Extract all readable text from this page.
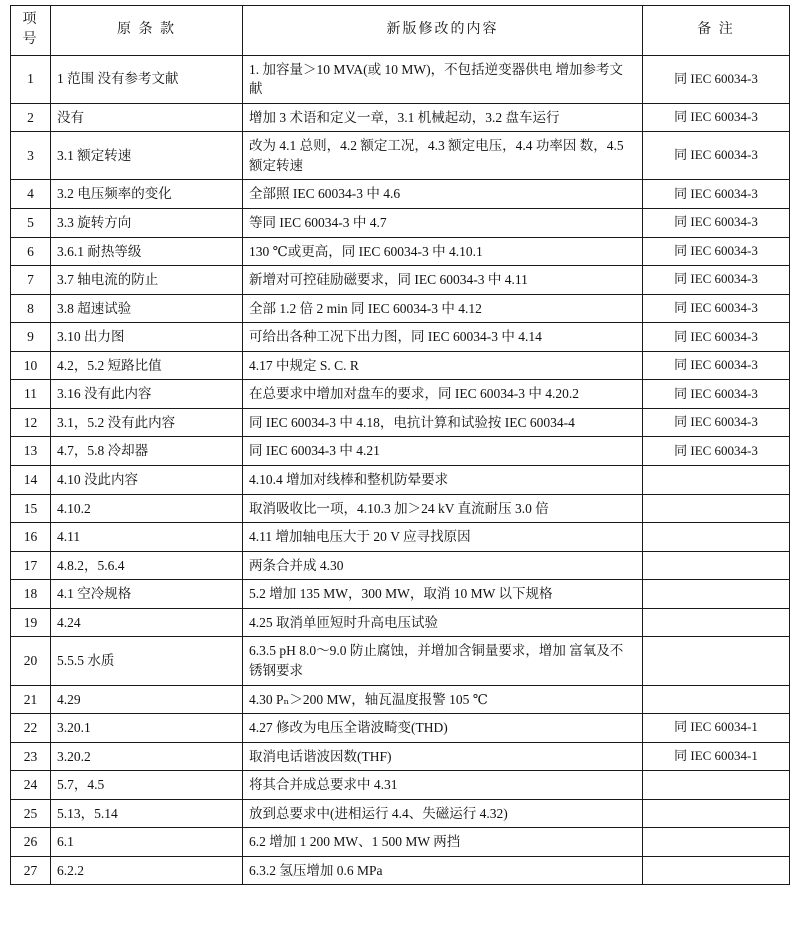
项号	原 条 款	新版修改的内容	备 注

1	1 范围 没有参考文献	1. 加容量＞10 MVA(或 10 MW)，不包括逆变器供电 增加参考文献	同 IEC 60034-3

2	没有	增加 3 术语和定义一章，3.1 机械起动，3.2 盘车运行	同 IEC 60034-3

3	3.1 额定转速	改为 4.1 总则，4.2 额定工况，4.3 额定电压，4.4 功率因 数，4.5 额定转速	同 IEC 60034-3

4	3.2 电压频率的变化	全部照 IEC 60034-3 中 4.6	同 IEC 60034-3

5	3.3 旋转方向	等同 IEC 60034-3 中 4.7	同 IEC 60034-3

6	3.6.1 耐热等级	130 ℃或更高，同 IEC 60034-3 中 4.10.1	同 IEC 60034-3

7	3.7 轴电流的防止	新增对可控硅励磁要求，同 IEC 60034-3 中 4.11	同 IEC 60034-3

8	3.8 超速试验	全部 1.2 倍 2 min 同 IEC 60034-3 中 4.12	同 IEC 60034-3

9	3.10 出力图	可给出各种工况下出力图，同 IEC 60034-3 中 4.14	同 IEC 60034-3

10	4.2，5.2 短路比值	4.17 中规定 S. C. R	同 IEC 60034-3

11	3.16 没有此内容	在总要求中增加对盘车的要求，同 IEC 60034-3 中 4.20.2	同 IEC 60034-3

12	3.1，5.2 没有此内容	同 IEC 60034-3 中 4.18，电抗计算和试验按 IEC 60034-4	同 IEC 60034-3

13	4.7，5.8 冷却器	同 IEC 60034-3 中 4.21	同 IEC 60034-3

14	4.10 没此内容	4.10.4 增加对线棒和整机防晕要求	

15	4.10.2	取消吸收比一项，4.10.3 加＞24 kV 直流耐压 3.0 倍	

16	4.11	4.11 增加轴电压大于 20 V 应寻找原因	

17	4.8.2，5.6.4	两条合并成 4.30	

18	4.1 空冷规格	5.2 增加 135 MW，300 MW，取消 10 MW 以下规格	

19	4.24	4.25 取消单匝短时升高电压试验	

20	5.5.5 水质	6.3.5 pH 8.0～9.0 防止腐蚀，并增加含铜量要求，增加 富氧及不锈钢要求	

21	4.29	4.30 Pₙ＞200 MW，轴瓦温度报警 105 ℃	

22	3.20.1	4.27 修改为电压全谐波畸变(THD)	同 IEC 60034-1

23	3.20.2	取消电话谐波因数(THF)	同 IEC 60034-1

24	5.7，4.5	将其合并成总要求中 4.31	

25	5.13，5.14	放到总要求中(进相运行 4.4、失磁运行 4.32)	

26	6.1	6.2 增加 1 200 MW、1 500 MW 两挡	

27	6.2.2	6.3.2 氢压增加 0.6 MPa	
